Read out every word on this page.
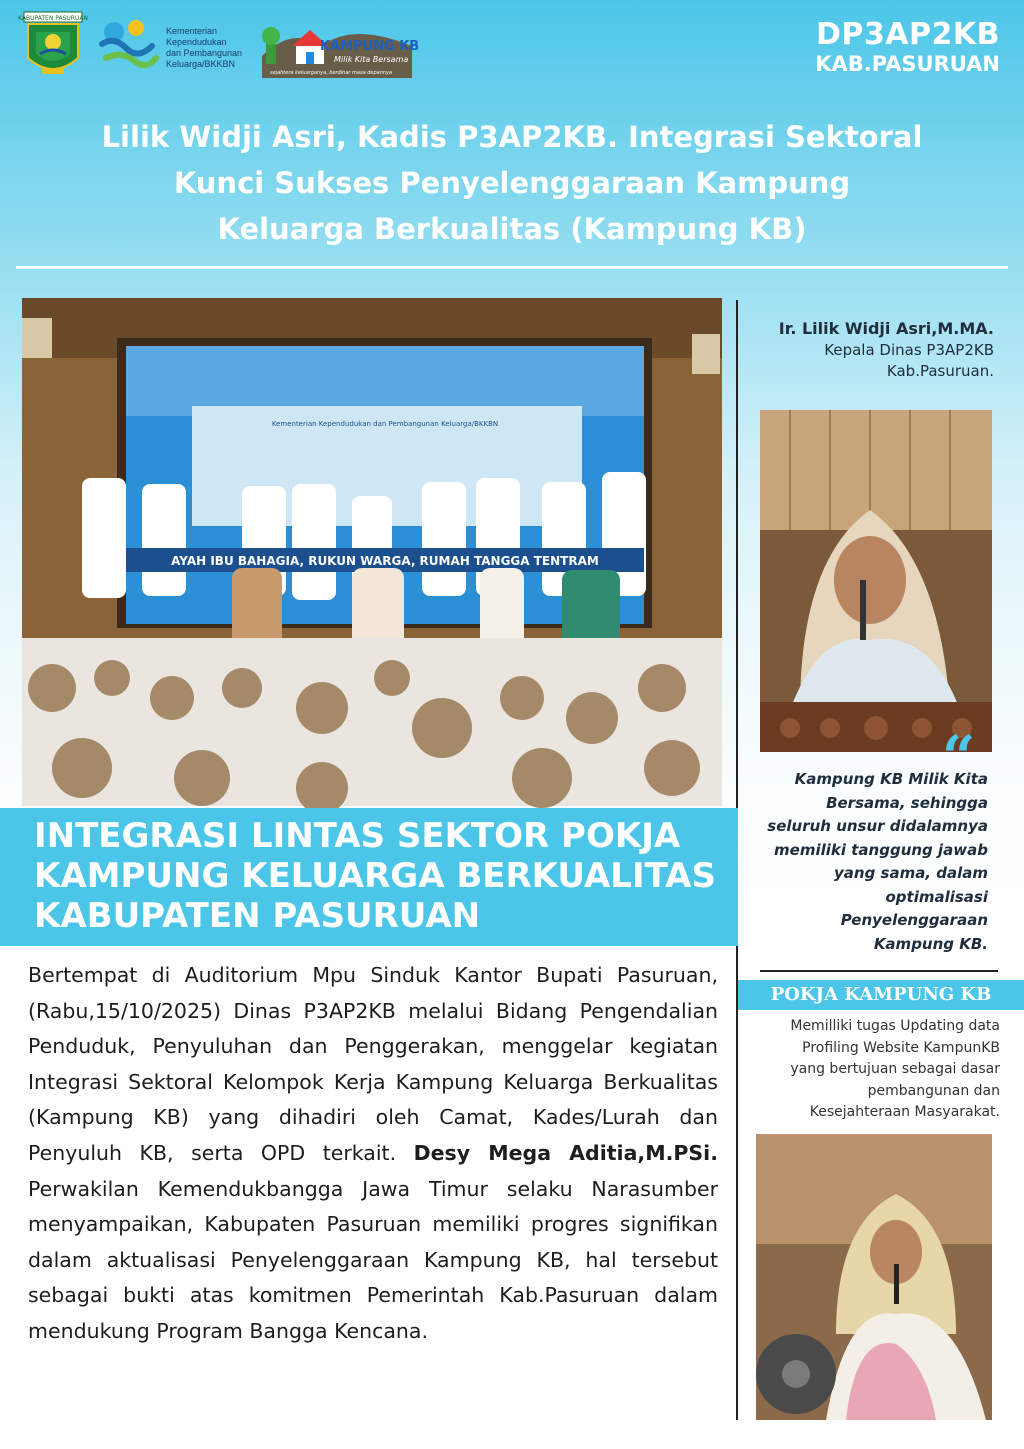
KABUPATEN PASURUAN
Kementerian
Kependudukan
dan Pembangunan
Keluarga/BKKBN
KAMPUNG KB
Milik Kita Bersama
sejahtera keluarganya, berdinar masa depannya
DP3AP2KB
KAB.PASURUAN
Lilik Widji Asri, Kadis P3AP2KB. Integrasi Sektoral
Kunci Sukses Penyelenggaraan Kampung
Keluarga Berkualitas (Kampung KB)
Kementerian Kependudukan dan Pembangunan Keluarga/BKKBN
AYAH IBU BAHAGIA, RUKUN WARGA, RUMAH TANGGA TENTRAM
Ir. Lilik Widji Asri,M.MA.
Kepala Dinas P3AP2KB
Kab.Pasuruan.
“
Kampung KB Milik Kita
Bersama, sehingga
seluruh unsur didalamnya
memiliki tanggung jawab
yang sama, dalam
optimalisasi
Penyelenggaraan
Kampung KB.
POKJA KAMPUNG KB
Memilliki tugas Updating data
Profiling Website KampunKB
yang bertujuan sebagai dasar
pembangunan dan
Kesejahteraan Masyarakat.
INTEGRASI LINTAS SEKTOR POKJA
KAMPUNG KELUARGA BERKUALITAS
KABUPATEN PASURUAN
Bertempat di Auditorium Mpu Sinduk Kantor Bupati Pasuruan, (Rabu,15/10/2025) Dinas P3AP2KB melalui Bidang Pengendalian Penduduk, Penyuluhan dan Penggerakan, menggelar kegiatan Integrasi Sektoral Kelompok Kerja Kampung Keluarga Berkualitas (Kampung KB) yang dihadiri oleh Camat, Kades/Lurah dan Penyuluh KB, serta OPD terkait. Desy Mega Aditia,M.PSi. Perwakilan Kemendukbangga Jawa Timur selaku Narasumber menyampaikan, Kabupaten Pasuruan memiliki progres signifikan dalam aktualisasi Penyelenggaraan Kampung KB, hal tersebut sebagai bukti atas komitmen Pemerintah Kab.Pasuruan dalam mendukung Program Bangga Kencana.
